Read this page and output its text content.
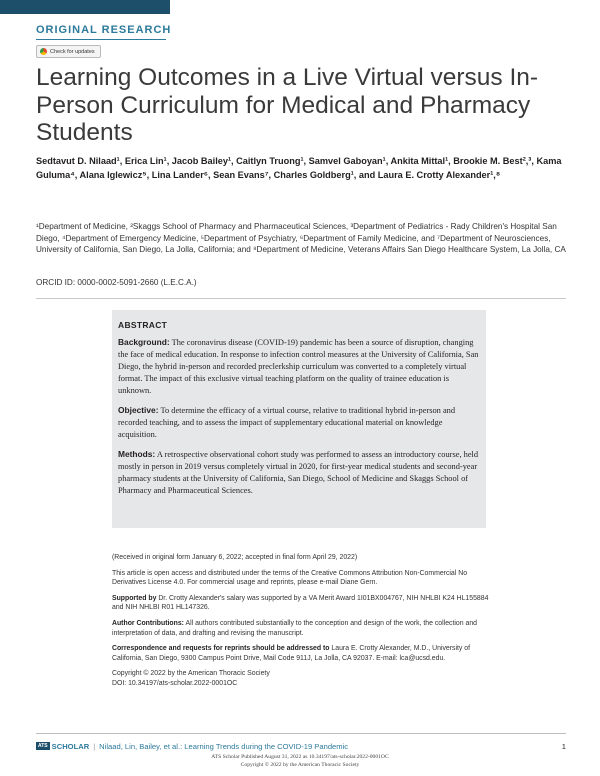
ORIGINAL RESEARCH
Check for updates
Learning Outcomes in a Live Virtual versus In-Person Curriculum for Medical and Pharmacy Students

Sedtavut D. Nilaad¹, Erica Lin¹, Jacob Bailey¹, Caitlyn Truong¹, Samvel Gaboyan¹, Ankita Mittal¹, Brookie M. Best²,³, Kama Guluma⁴, Alana Iglewicz⁵, Lina Lander⁶, Sean Evans⁷, Charles Goldberg¹, and Laura E. Crotty Alexander¹,⁸

¹Department of Medicine, ²Skaggs School of Pharmacy and Pharmaceutical Sciences, ³Department of Pediatrics - Rady Children's Hospital San Diego, ⁴Department of Emergency Medicine, ⁵Department of Psychiatry, ⁶Department of Family Medicine, and ⁷Department of Neurosciences, University of California, San Diego, La Jolla, California; and ⁸Department of Medicine, Veterans Affairs San Diego Healthcare System, La Jolla, CA

ORCID ID: 0000-0002-5091-2660 (L.E.C.A.)
ABSTRACT

Background: The coronavirus disease (COVID-19) pandemic has been a source of disruption, changing the face of medical education. In response to infection control measures at the University of California, San Diego, the hybrid in-person and recorded preclerkship curriculum was converted to a completely virtual format. The impact of this exclusive virtual teaching platform on the quality of trainee education is unknown.

Objective: To determine the efficacy of a virtual course, relative to traditional hybrid in-person and recorded teaching, and to assess the impact of supplementary educational material on knowledge acquisition.

Methods: A retrospective observational cohort study was performed to assess an introductory course, held mostly in person in 2019 versus completely virtual in 2020, for first-year medical students and second-year pharmacy students at the University of California, San Diego, School of Medicine and Skaggs School of Pharmacy and Pharmaceutical Sciences.

(Received in original form January 6, 2022; accepted in final form April 29, 2022)

This article is open access and distributed under the terms of the Creative Commons Attribution Non-Commercial No Derivatives License 4.0. For commercial usage and reprints, please e-mail Diane Gern.

Supported by Dr. Crotty Alexander's salary was supported by a VA Merit Award 1I01BX004767, NIH NHLBI K24 HL155884 and NIH NHLBI R01 HL147326.

Author Contributions: All authors contributed substantially to the conception and design of the work, the collection and interpretation of data, and drafting and revising the manuscript.

Correspondence and requests for reprints should be addressed to Laura E. Crotty Alexander, M.D., University of California, San Diego, 9300 Campus Point Drive, Mail Code 911J, La Jolla, CA 92037. E-mail: lca@ucsd.edu.

Copyright © 2022 by the American Thoracic Society
DOI: 10.34197/ats-scholar.2022-0001OC

ATS SCHOLAR | Nilaad, Lin, Bailey, et al.: Learning Trends during the COVID-19 Pandemic	1
ATS Scholar Published August 31, 2022 as 10.34197/ats-scholar.2022-0001OC
Copyright © 2022 by the American Thoracic Society
